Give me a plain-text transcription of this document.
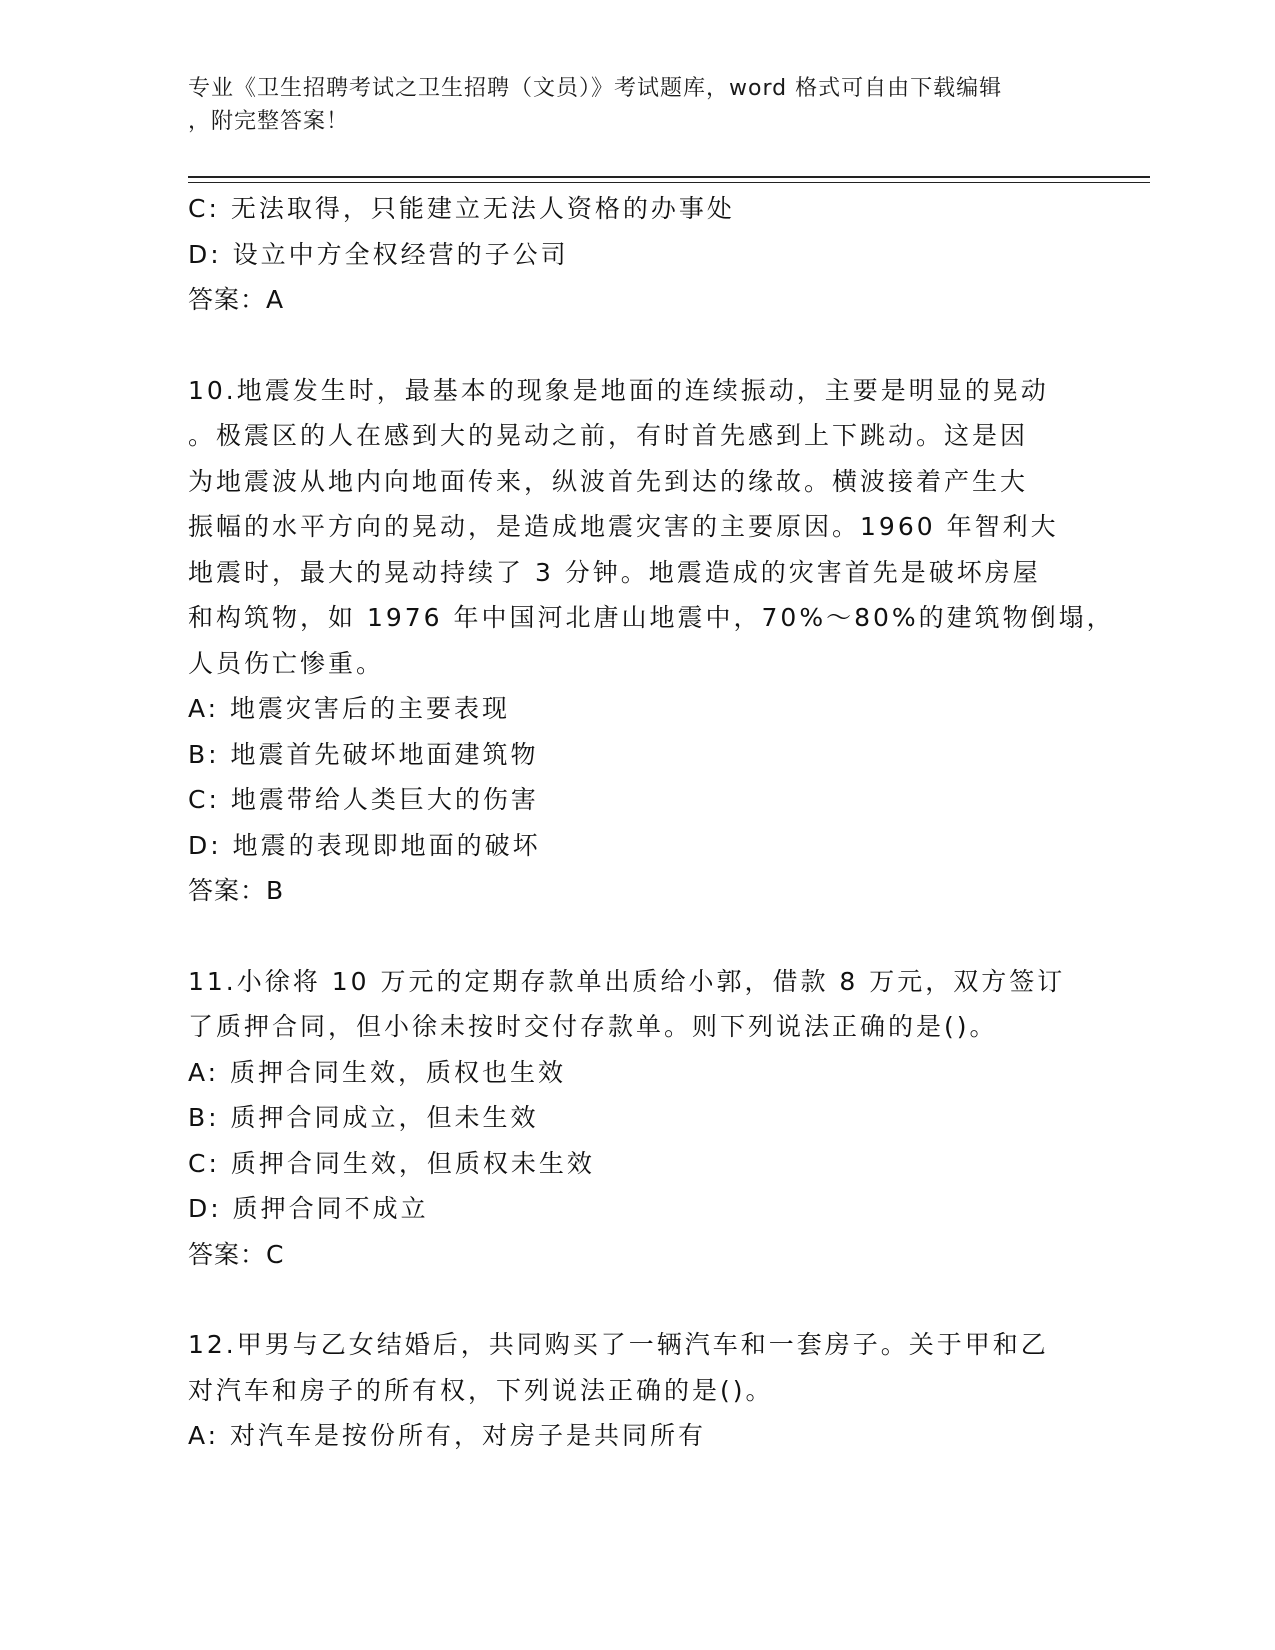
专业《卫生招聘考试之卫生招聘（文员）》考试题库，word 格式可自由下载编辑
，附完整答案！
C: 无法取得，只能建立无法人资格的办事处
D: 设立中方全权经营的子公司
答案：A
10.地震发生时，最基本的现象是地面的连续振动，主要是明显的晃动
。极震区的人在感到大的晃动之前，有时首先感到上下跳动。这是因
为地震波从地内向地面传来，纵波首先到达的缘故。横波接着产生大
振幅的水平方向的晃动，是造成地震灾害的主要原因。1960 年智利大
地震时，最大的晃动持续了 3 分钟。地震造成的灾害首先是破坏房屋
和构筑物，如 1976 年中国河北唐山地震中，70%～80%的建筑物倒塌，
人员伤亡惨重。
A: 地震灾害后的主要表现
B: 地震首先破坏地面建筑物
C: 地震带给人类巨大的伤害
D: 地震的表现即地面的破坏
答案：B
11.小徐将 10 万元的定期存款单出质给小郭，借款 8 万元，双方签订
了质押合同，但小徐未按时交付存款单。则下列说法正确的是()。
A: 质押合同生效，质权也生效
B: 质押合同成立，但未生效
C: 质押合同生效，但质权未生效
D: 质押合同不成立
答案：C
12.甲男与乙女结婚后，共同购买了一辆汽车和一套房子。关于甲和乙
对汽车和房子的所有权，下列说法正确的是()。
A: 对汽车是按份所有，对房子是共同所有
